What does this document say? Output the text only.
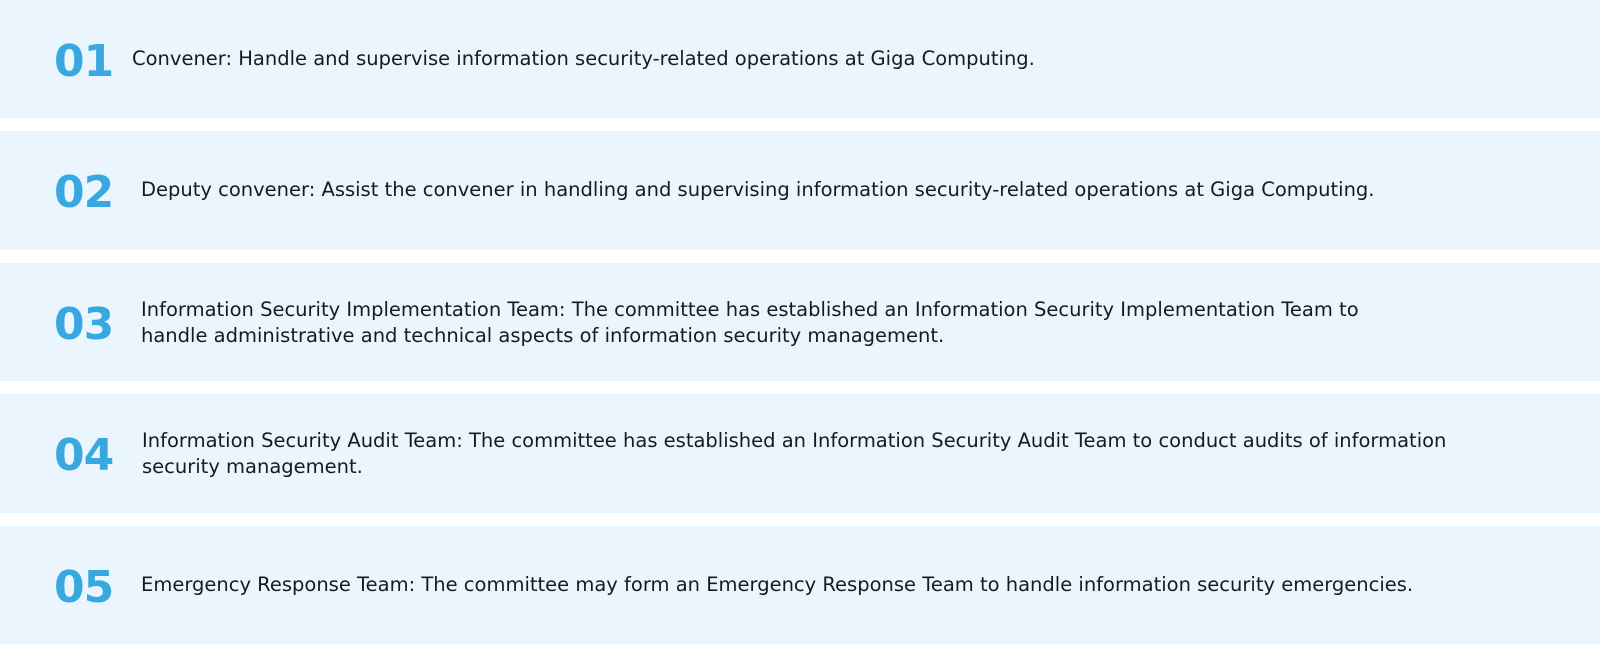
01 Convener: Handle and supervise information security-related operations at Giga Computing.
02 Deputy convener: Assist the convener in handling and supervising information security-related operations at Giga Computing.
03 Information Security Implementation Team: The committee has established an Information Security Implementation Team to handle administrative and technical aspects of information security management.
04 Information Security Audit Team: The committee has established an Information Security Audit Team to conduct audits of information security management.
05 Emergency Response Team: The committee may form an Emergency Response Team to handle information security emergencies.
